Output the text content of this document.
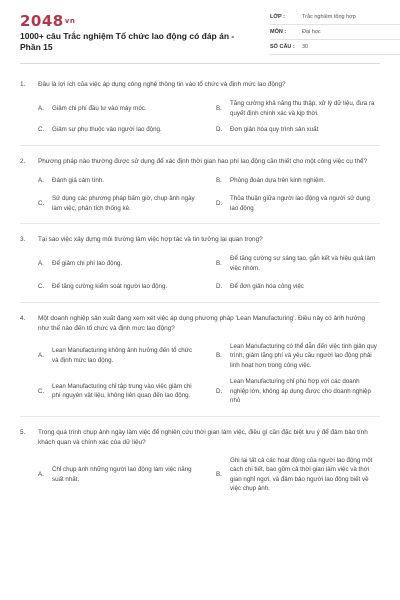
$2048^{vn}$
1000+ câu Trắc nghiệm Tổ chức lao động có đáp án - Phần 15
LỚP :	Trắc nghiệm tổng hợp
MÔN :	Đại học
SỐ CÂU :	30
1.	Đâu là lợi ích của việc áp dụng công nghệ thông tin vào tổ chức và định mức lao động?
A.	Giảm chi phí đầu tư vào máy móc.	B.
Tăng cường khả năng thu thập, xử lý dữ liệu, đưa ra quyết định chính xác và kịp thời.
C.	Giảm sự phụ thuộc vào người lao động.	D.	Đơn giản hóa quy trình sản xuất
2.	Phương pháp nào thường được sử dụng để xác định thời gian hao phí lao động cần thiết cho một công việc cụ thể?
A.	Đánh giá cảm tính.	B.	Phỏng đoán dựa trên kinh nghiệm.
C.
Sử dụng các phương pháp bấm giờ, chụp ảnh ngày làm việc, phân tích thống kê.
D.
Thỏa thuận giữa người lao động và người sử dụng lao động
3.	Tại sao việc xây dựng môi trường làm việc hợp tác và tin tưởng lại quan trọng?
A.	Để giảm chi phí lao động.	B.
Để tăng cường sự sáng tạo, gắn kết và hiệu quả làm việc nhóm.
C.	Để tăng cường kiểm soát người lao động.	D.	Để đơn giản hóa công việc
4.	Một doanh nghiệp sản xuất đang xem xét việc áp dụng phương pháp 'Lean Manufacturing'. Điều này có ảnh hưởng như thế nào đến tổ chức và định mức lao động?
A.
Lean Manufacturing không ảnh hưởng đến tổ chức và định mức lao động.
B.
Lean Manufacturing có thể dẫn đến việc tinh giản quy trình, giảm lãng phí và yêu cầu người lao động phải linh hoạt hơn trong công việc.
C.
Lean Manufacturing chỉ tập trung vào việc giảm chi phí nguyên vật liệu, không liên quan đến lao động.
D.
Lean Manufacturing chỉ phù hợp với các doanh nghiệp lớn, không áp dụng được cho doanh nghiệp nhỏ
5.	Trong quá trình chụp ảnh ngày làm việc để nghiên cứu thời gian làm việc, điều gì cần đặc biệt lưu ý để đảm bảo tính khách quan và chính xác của dữ liệu?
A.
Chỉ chụp ảnh những người lao động làm việc năng suất nhất.
B.
Ghi lại tất cả các hoạt động của người lao động một cách chi tiết, bao gồm cả thời gian làm việc và thời gian nghỉ ngơi, và đảm bảo người lao động biết về việc chụp ảnh.
